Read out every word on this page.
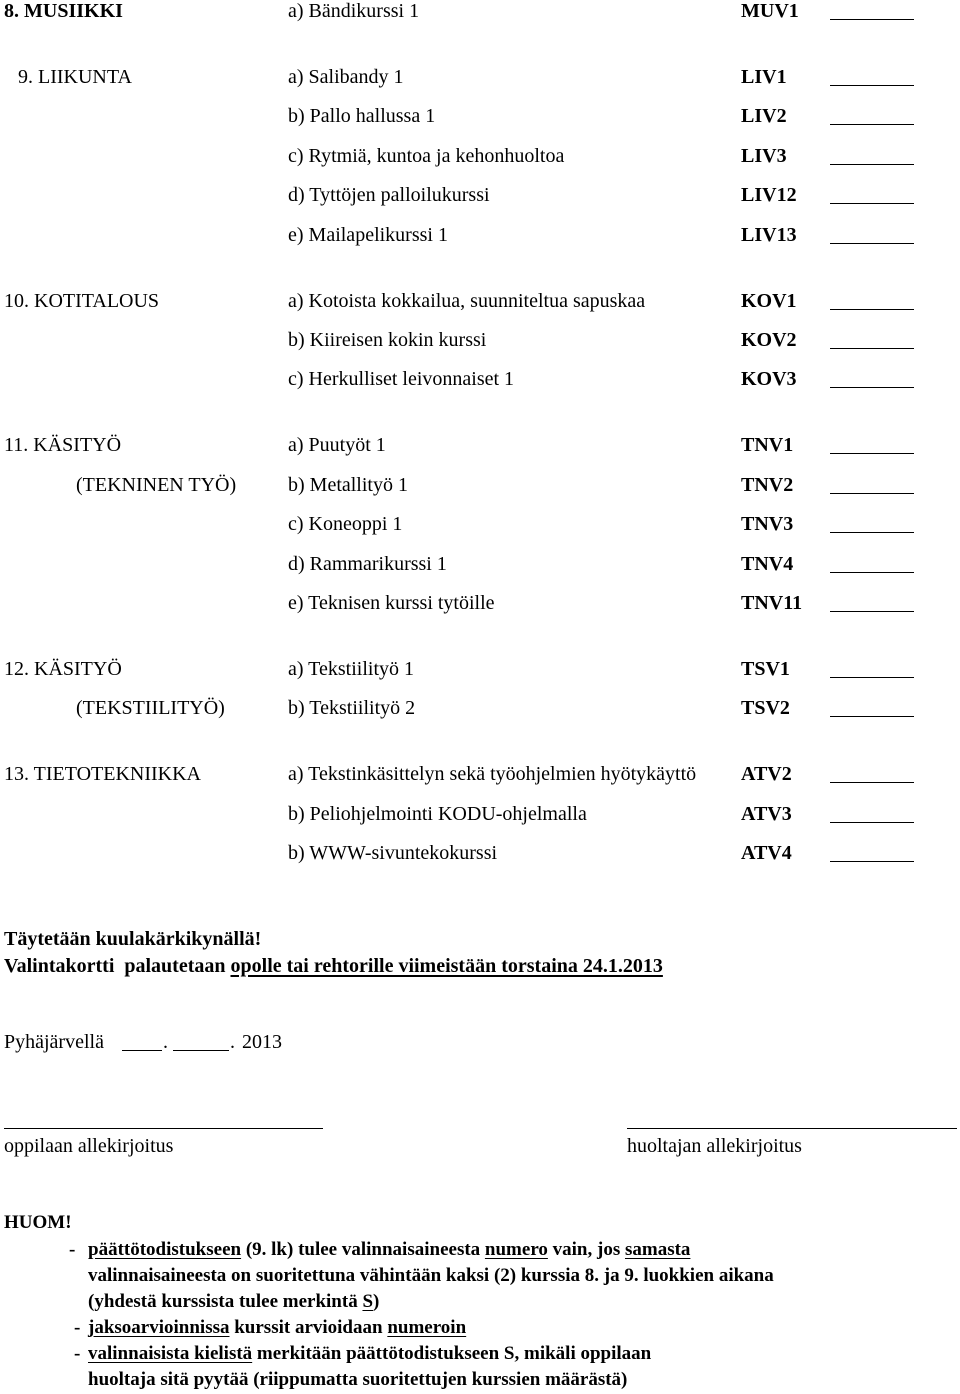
8. MUSIIKKI	a) Bändikurssi 1	MUV1
9. LIIKUNTA	a) Salibandy 1	LIV1
b) Pallo hallussa 1	LIV2
c) Rytmiä, kuntoa ja kehonhuoltoa	LIV3
d) Tyttöjen palloilukurssi	LIV12
e) Mailapelikurssi 1	LIV13
10. KOTITALOUS	a) Kotoista kokkailua, suunniteltua sapuskaa	KOV1
b) Kiireisen kokin kurssi	KOV2
c) Herkulliset leivonnaiset 1	KOV3
11. KÄSITYÖ	a) Puutyöt 1	TNV1
(TEKNINEN TYÖ)	b) Metallityö 1	TNV2
c) Koneoppi 1	TNV3
d) Rammarikurssi 1	TNV4
e) Teknisen kurssi tytöille	TNV11
12. KÄSITYÖ	a) Tekstiilityö 1	TSV1
(TEKSTIILITYÖ)	b) Tekstiilityö 2	TSV2
13. TIETOTEKNIIKKA	a) Tekstinkäsittelyn sekä työohjelmien hyötykäyttö ATV2
b) Peliohjelmointi KODU-ohjelmalla	ATV3
b) WWW-sivuntekokurssi	ATV4
Täytetään kuulakärkikynällä!
Valintakortti  palautetaan opolle tai rehtorille viimeistään torstaina 24.1.2013
Pyhäjärvellä	.	. 2013
oppilaan allekirjoitus	huoltajan allekirjoitus
HUOM!
- päättötodistukseen (9. lk) tulee valinnaisaineesta numero vain, jos samasta
valinnaisaineesta on suoritettuna vähintään kaksi (2) kurssia 8. ja 9. luokkien aikana
(yhdestä kurssista tulee merkintä S)
- jaksoarvioinnissa kurssit arvioidaan numeroin
- valinnaisista kielistä merkitään päättötodistukseen S, mikäli oppilaan
huoltaja sitä pyytää (riippumatta suoritettujen kurssien määrästä)
